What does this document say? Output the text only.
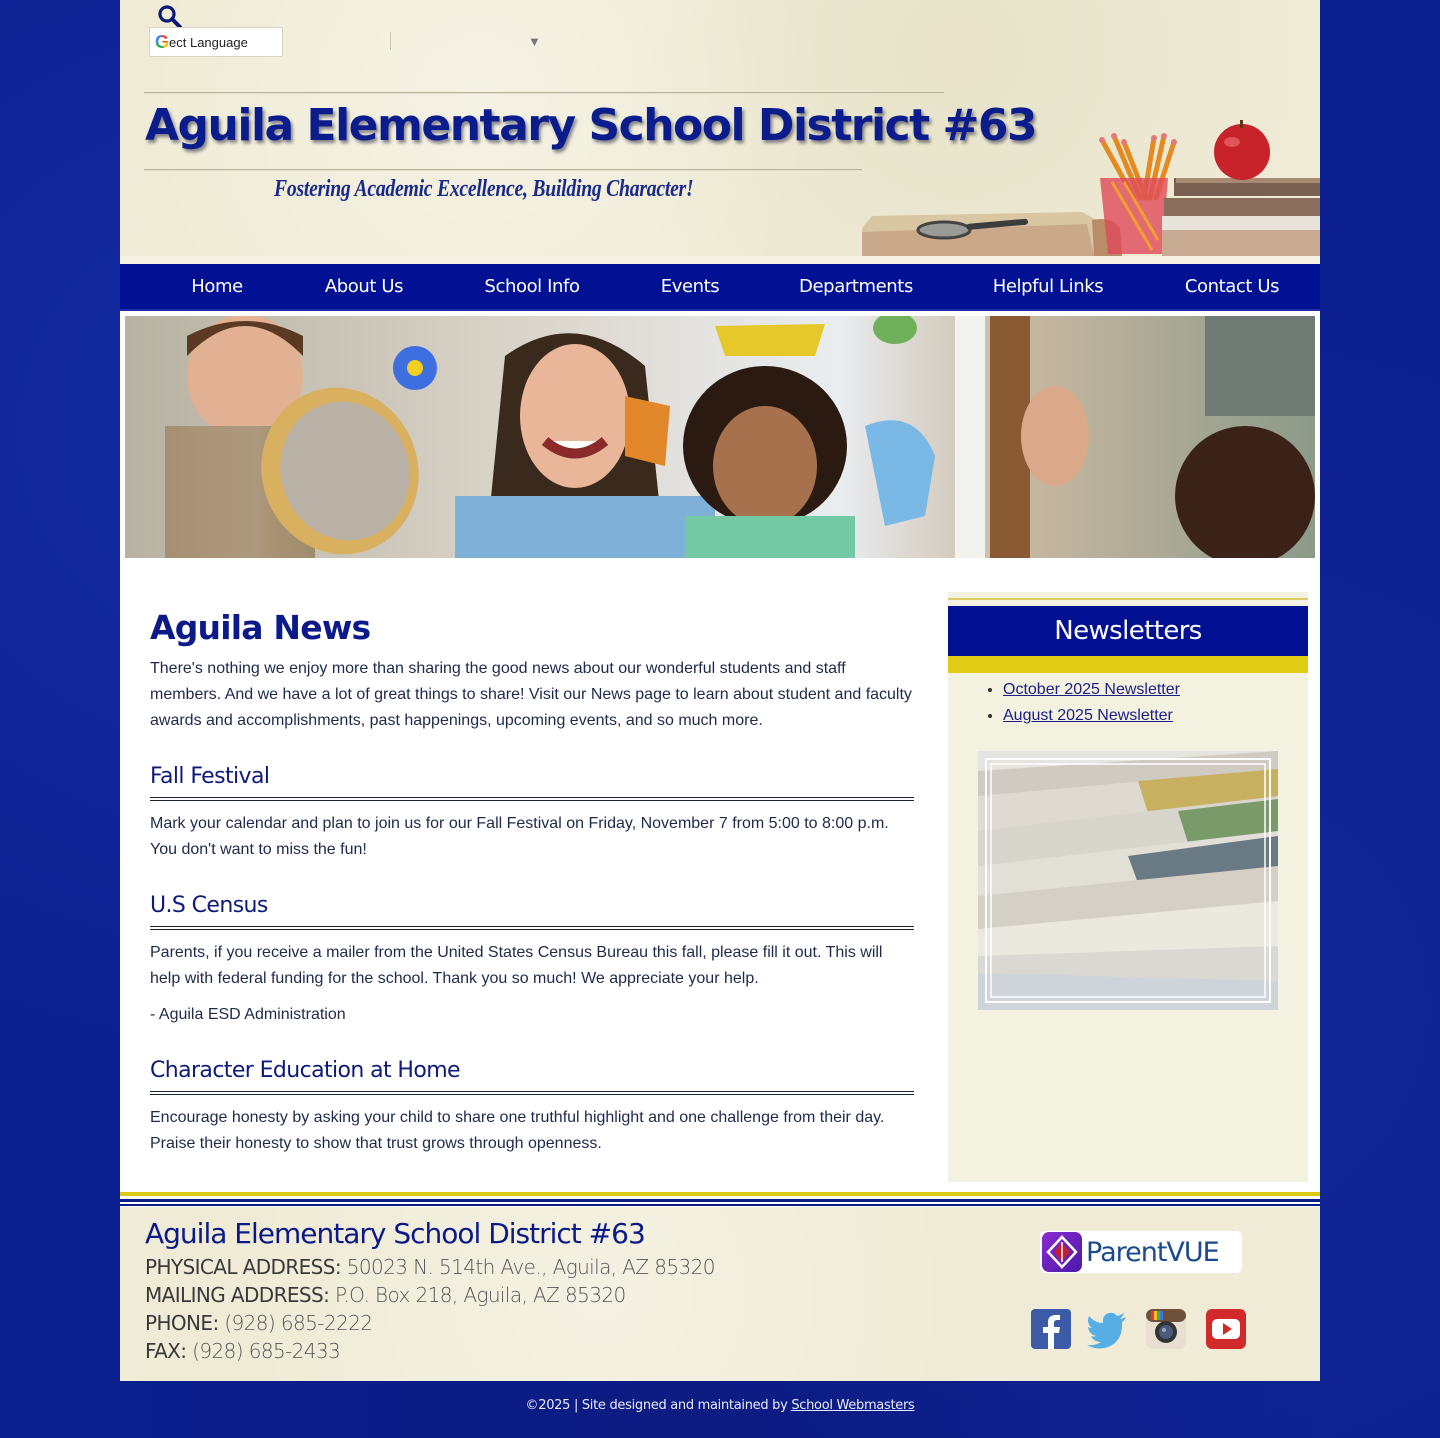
G ect Language	▼
Aguila Elementary School District #63
Fostering Academic Excellence, Building Character!
Home	About Us	School Info	Events	Departments	Helpful Links	Contact Us
Aguila News

There's nothing we enjoy more than sharing the good news about our wonderful students and staff members. And we have a lot of great things to share! Visit our News page to learn about student and faculty awards and accomplishments, past happenings, upcoming events, and so much more.

Fall Festival

Mark your calendar and plan to join us for our Fall Festival on Friday, November 7 from 5:00 to 8:00 p.m. You don't want to miss the fun!

U.S Census

Parents, if you receive a mailer from the United States Census Bureau this fall, please fill it out. This will help with federal funding for the school. Thank you so much! We appreciate your help.

- Aguila ESD Administration

Character Education at Home

Encourage honesty by asking your child to share one truthful highlight and one challenge from their day. Praise their honesty to show that trust grows through openness.

Newsletters
• October 2025 Newsletter
• August 2025 Newsletter
Aguila Elementary School District #63
PHYSICAL ADDRESS: 50023 N. 514th Ave., Aguila, AZ 85320
MAILING ADDRESS: P.O. Box 218, Aguila, AZ 85320
PHONE: (928) 685-2222
FAX: (928) 685-2433
ParentVUE
©2025 | Site designed and maintained by School Webmasters
